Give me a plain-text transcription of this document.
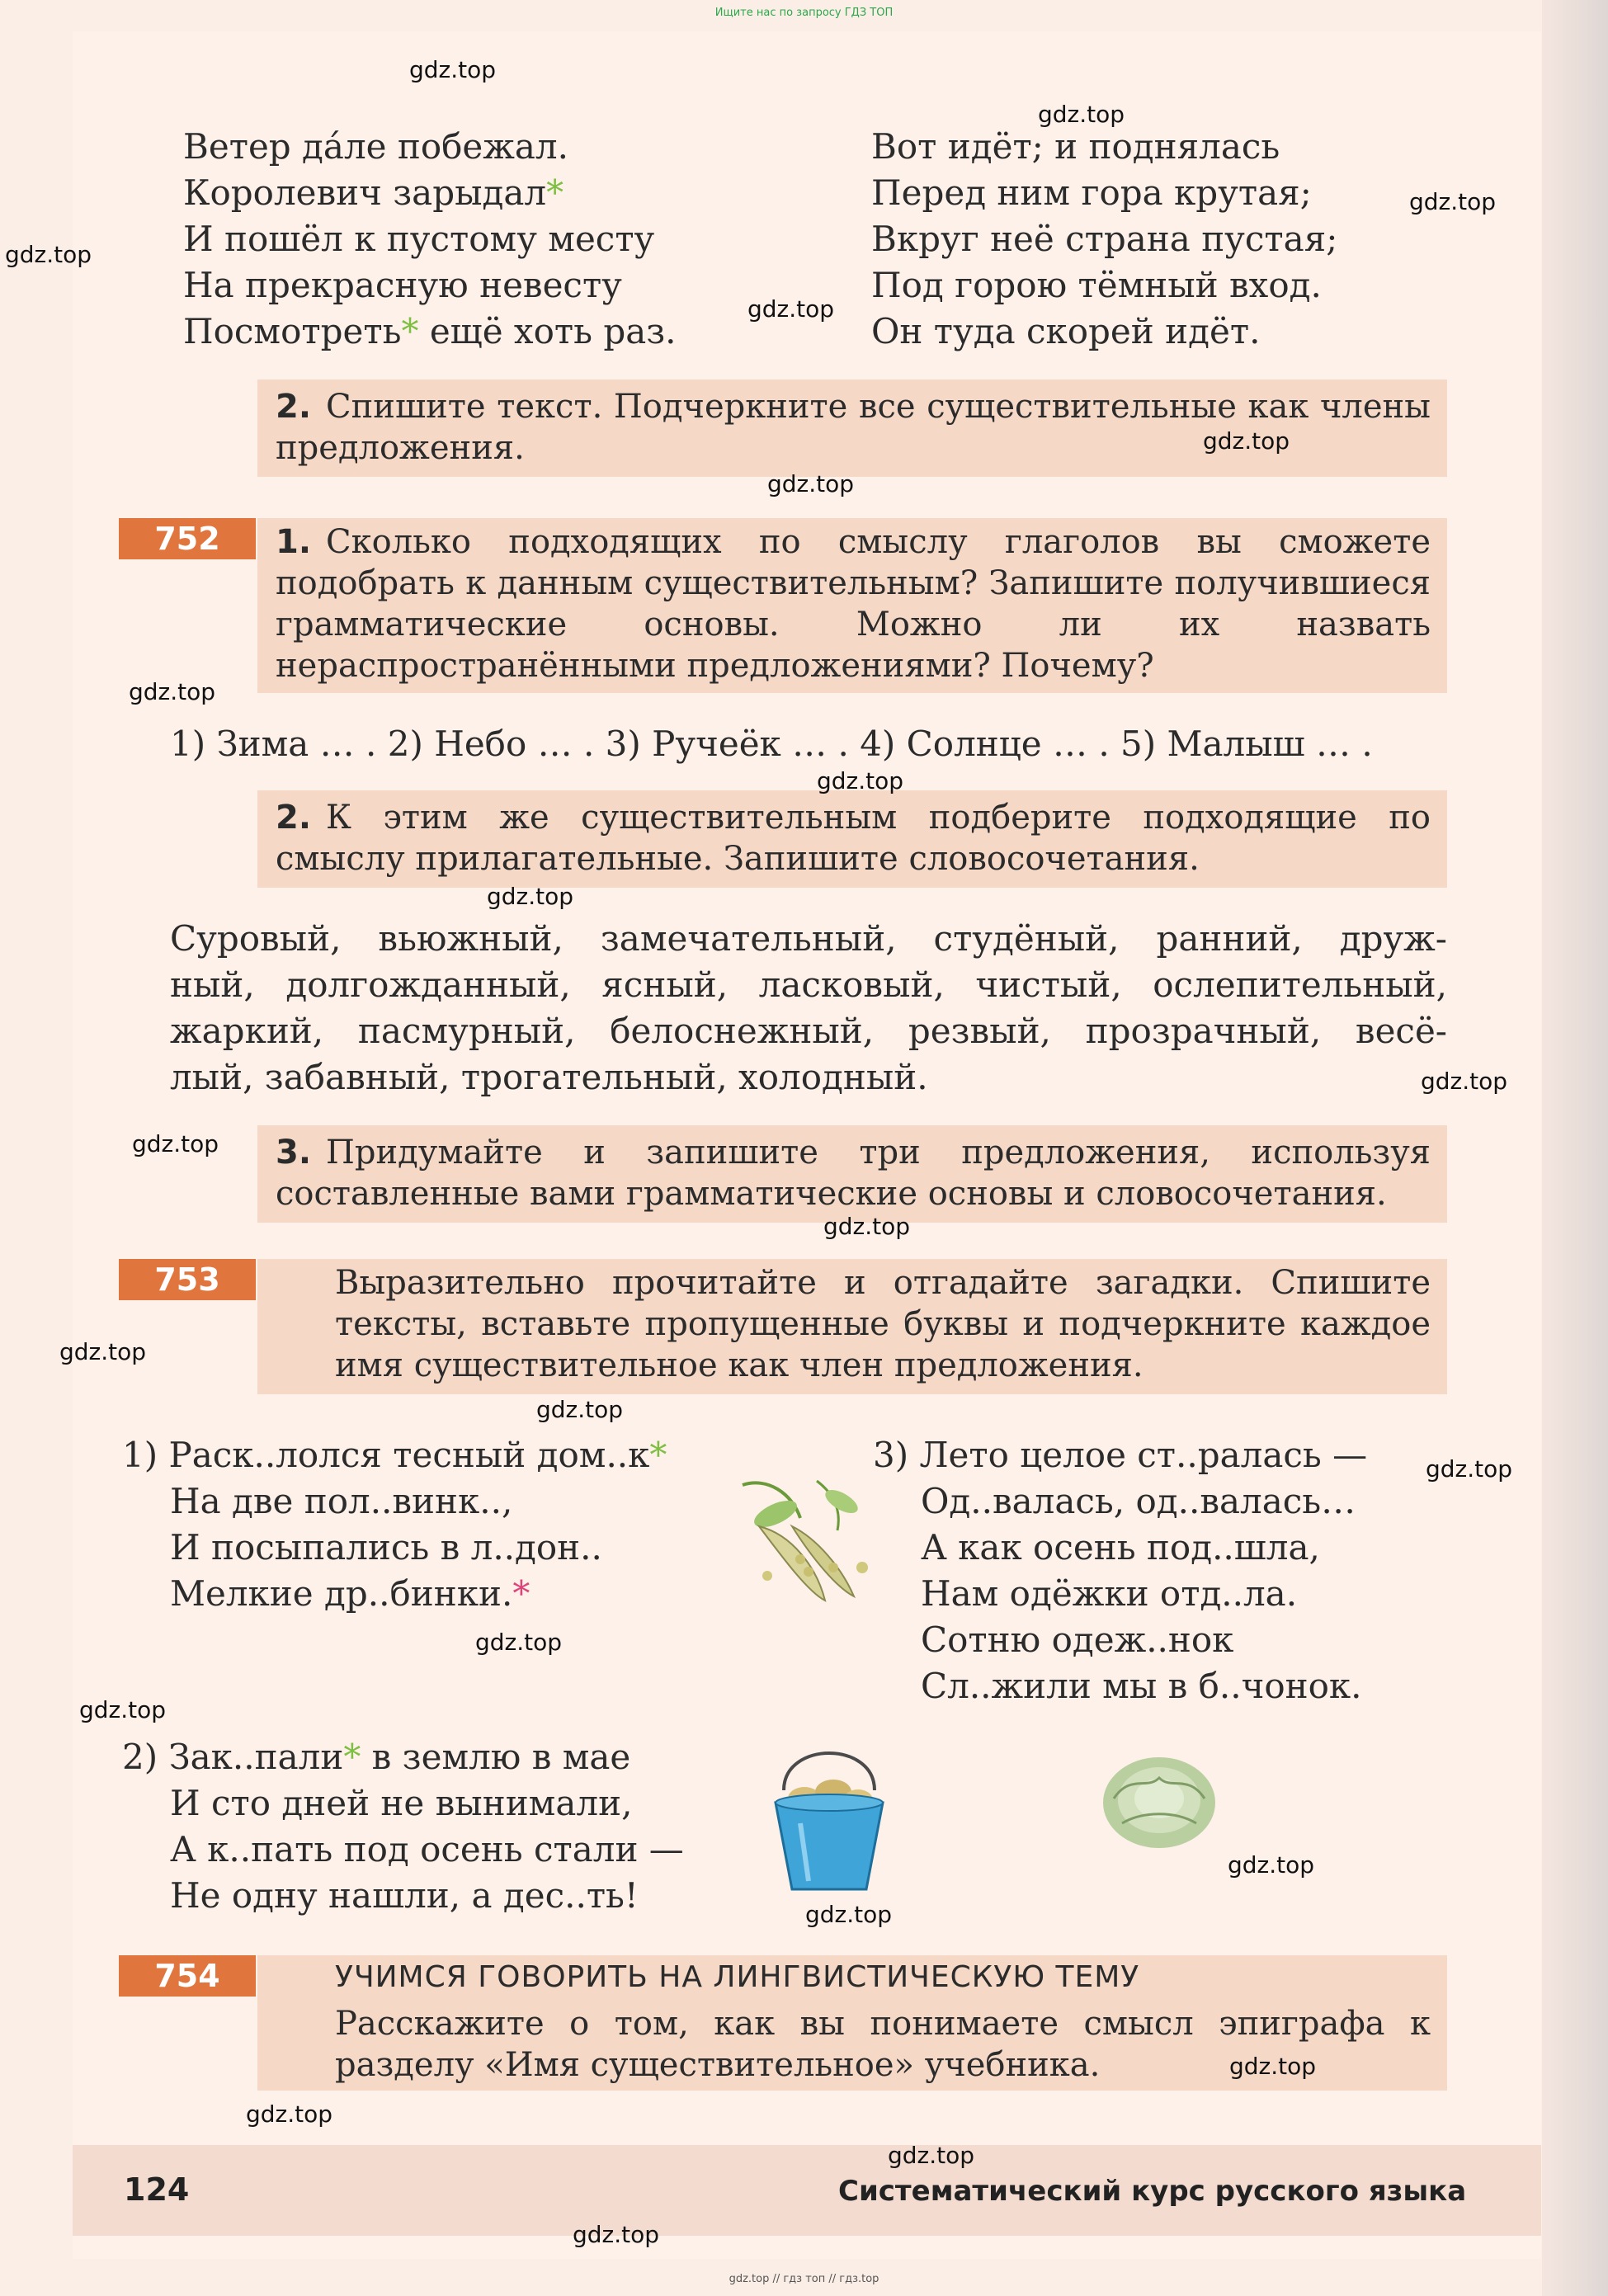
Ищите нас по запросу ГДЗ ТОП
Ветер да́ле побежал.
Королевич зарыдал*
И пошёл к пустому месту
На прекрасную невесту
Посмотреть* ещё хоть раз.
Вот идёт; и поднялась
Перед ним гора крутая;
Вкруг неё страна пустая;
Под горою тёмный вход.
Он туда скорей идёт.
2. Спишите текст. Подчеркните все существительные как члены предложения.
752	1. Сколько подходящих по смыслу глаголов вы сможете подобрать к данным существительным? Запишите получившиеся грамматические основы. Можно ли их назвать нераспространёнными предложениями? Почему?
1) Зима … . 2) Небо … . 3) Ручеёк … . 4) Солнце … . 5) Малыш … .
2. К этим же существительным подберите подходящие по смыслу прилагательные. Запишите словосочетания.
Суровый, вьюжный, замечательный, студёный, ранний, друж-
ный, долгожданный, ясный, ласковый, чистый, ослепительный,
жаркий, пасмурный, белоснежный, резвый, прозрачный, весё-
лый, забавный, трогательный, холодный.
3. Придумайте и запишите три предложения, используя составленные вами грамматические основы и словосочетания.
753	Выразительно прочитайте и отгадайте загадки. Спишите тексты, вставьте пропущенные буквы и подчеркните каждое имя существительное как член предложения.
1) Раск..лолся тесный дом..к*
На две пол..винк..,
И посыпались в л..дон..
Мелкие др..бинки.*
3) Лето целое ст..ралась —
Од..валась, од..валась…
А как осень под..шла,
Нам одёжки отд..ла.
Сотню одеж..нок
Сл..жили мы в б..чонок.
2) Зак..пали* в землю в мае
И сто дней не вынимали,
А к..пать под осень стали —
Не одну нашли, а дес..ть!
754	УЧИМСЯ ГОВОРИТЬ НА ЛИНГВИСТИЧЕСКУЮ ТЕМУ
Расскажите о том, как вы понимаете смысл эпиграфа к разделу «Имя существительное» учебника.
124	Систематический курс русского языка
gdz.top // гдз топ // гдз.top
gdz.top
gdz.top
gdz.top
gdz.top
gdz.top
gdz.top
gdz.top
gdz.top
gdz.top
gdz.top
gdz.top
gdz.top
gdz.top
gdz.top
gdz.top
gdz.top
gdz.top
gdz.top
gdz.top
gdz.top
gdz.top
gdz.top
gdz.top
gdz.top
